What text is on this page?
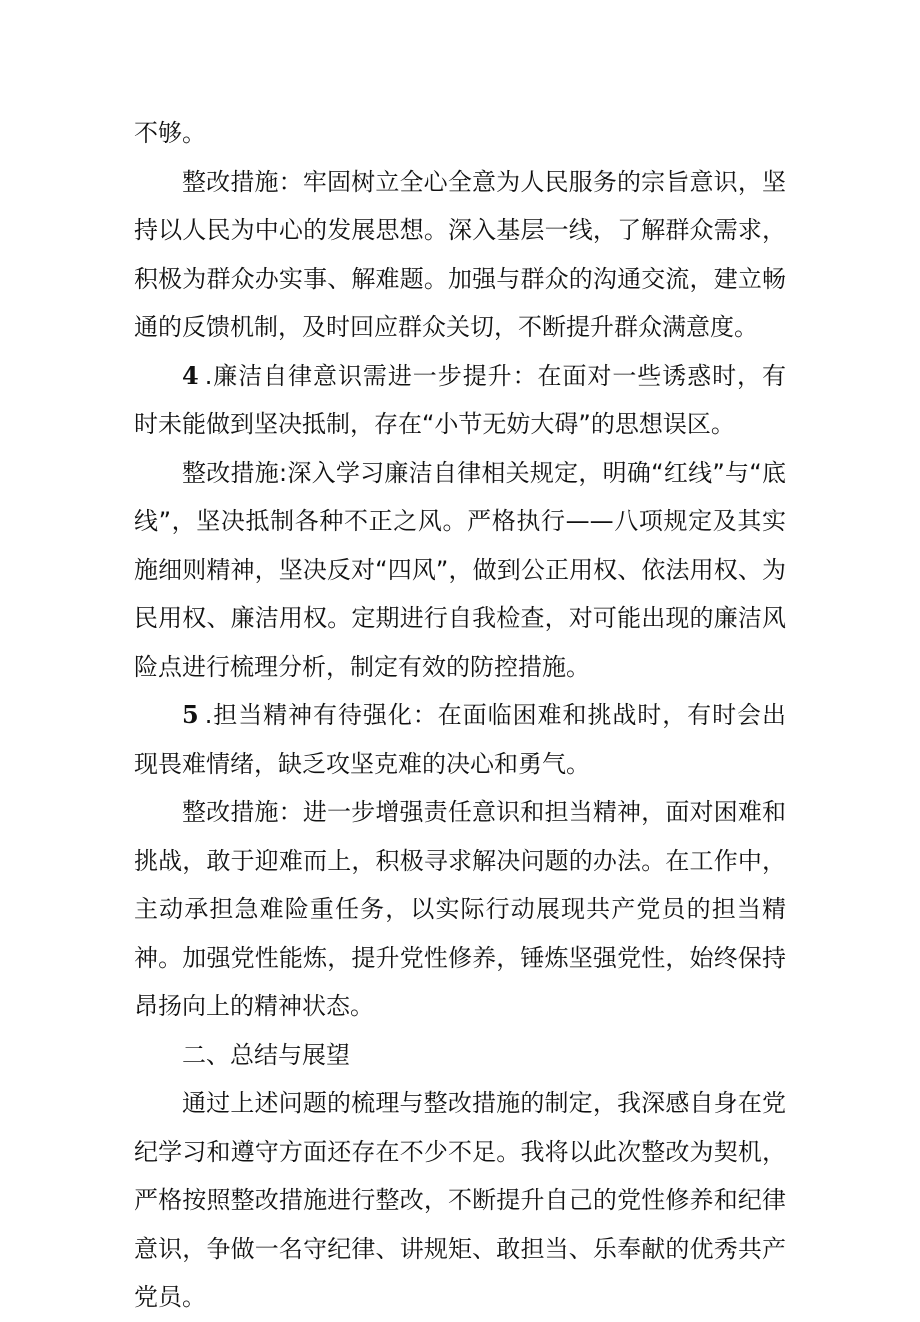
不够。

整改措施：牢固树立全心全意为人民服务的宗旨意识，坚持以人民为中心的发展思想。深入基层一线，了解群众需求，积极为群众办实事、解难题。加强与群众的沟通交流，建立畅通的反馈机制，及时回应群众关切，不断提升群众满意度。

4 .廉洁自律意识需进一步提升：在面对一些诱惑时，有时未能做到坚决抵制，存在“小节无妨大碍”的思想误区。

整改措施:深入学习廉洁自律相关规定，明确“红线”与“底线”，坚决抵制各种不正之风。严格执行——八项规定及其实施细则精神，坚决反对“四风”，做到公正用权、依法用权、为民用权、廉洁用权。定期进行自我检查，对可能出现的廉洁风险点进行梳理分析，制定有效的防控措施。

5 .担当精神有待强化：在面临困难和挑战时，有时会出现畏难情绪，缺乏攻坚克难的决心和勇气。

整改措施：进一步增强责任意识和担当精神，面对困难和挑战，敢于迎难而上，积极寻求解决问题的办法。在工作中，主动承担急难险重任务，以实际行动展现共产党员的担当精神。加强党性能炼，提升党性修养，锤炼坚强党性，始终保持昂扬向上的精神状态。

二、总结与展望

通过上述问题的梳理与整改措施的制定，我深感自身在党纪学习和遵守方面还存在不少不足。我将以此次整改为契机，严格按照整改措施进行整改，不断提升自己的党性修养和纪律意识，争做一名守纪律、讲规矩、敢担当、乐奉献的优秀共产党员。
